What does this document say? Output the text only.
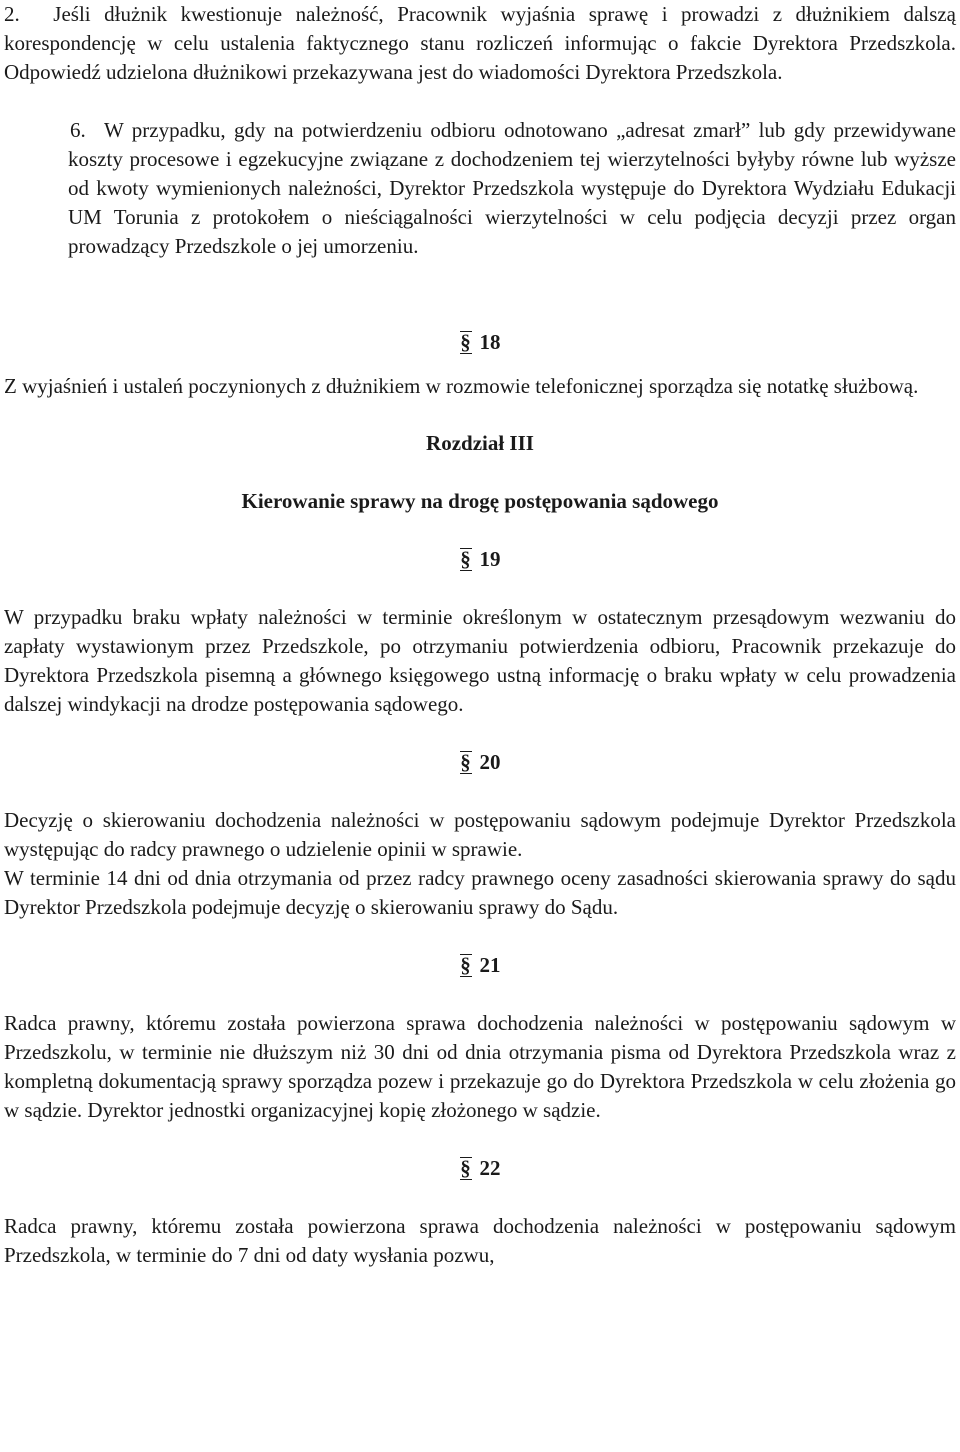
2. Jeśli dłużnik kwestionuje należność, Pracownik wyjaśnia sprawę i prowadzi z dłużnikiem dalszą korespondencję w celu ustalenia faktycznego stanu rozliczeń informując o fakcie Dyrektora Przedszkola. Odpowiedź udzielona dłużnikowi przekazywana jest do wiadomości Dyrektora Przedszkola.

6. W przypadku, gdy na potwierdzeniu odbioru odnotowano „adresat zmarł” lub gdy przewidywane koszty procesowe i egzekucyjne związane z dochodzeniem tej wierzytelności byłyby równe lub wyższe od kwoty wymienionych należności, Dyrektor Przedszkola występuje do Dyrektora Wydziału Edukacji UM Torunia z protokołem o nieściągalności wierzytelności w celu podjęcia decyzji przez organ prowadzący Przedszkole o jej umorzeniu.

§ 18

Z wyjaśnień i ustaleń poczynionych z dłużnikiem w rozmowie telefonicznej sporządza się notatkę służbową.

Rozdział III

Kierowanie sprawy na drogę postępowania sądowego

§ 19

W przypadku braku wpłaty należności w terminie określonym w ostatecznym przesądowym wezwaniu do zapłaty wystawionym przez Przedszkole, po otrzymaniu potwierdzenia odbioru, Pracownik przekazuje do Dyrektora Przedszkola pisemną a głównego księgowego ustną informację o braku wpłaty w celu prowadzenia dalszej windykacji na drodze postępowania sądowego.

§ 20

Decyzję o skierowaniu dochodzenia należności w postępowaniu sądowym podejmuje Dyrektor Przedszkola występując do radcy prawnego o udzielenie opinii w sprawie.

W terminie 14 dni od dnia otrzymania od przez radcy prawnego oceny zasadności skierowania sprawy do sądu Dyrektor Przedszkola podejmuje decyzję o skierowaniu sprawy do Sądu.

§ 21

Radca prawny, któremu została powierzona sprawa dochodzenia należności w postępowaniu sądowym w Przedszkolu, w terminie nie dłuższym niż 30 dni od dnia otrzymania pisma od Dyrektora Przedszkola wraz z kompletną dokumentacją sprawy sporządza pozew i przekazuje go do Dyrektora Przedszkola w celu złożenia go w sądzie. Dyrektor jednostki organizacyjnej kopię złożonego w sądzie.

§ 22

Radca prawny, któremu została powierzona sprawa dochodzenia należności w postępowaniu sądowym Przedszkola, w terminie do 7 dni od daty wysłania pozwu,
